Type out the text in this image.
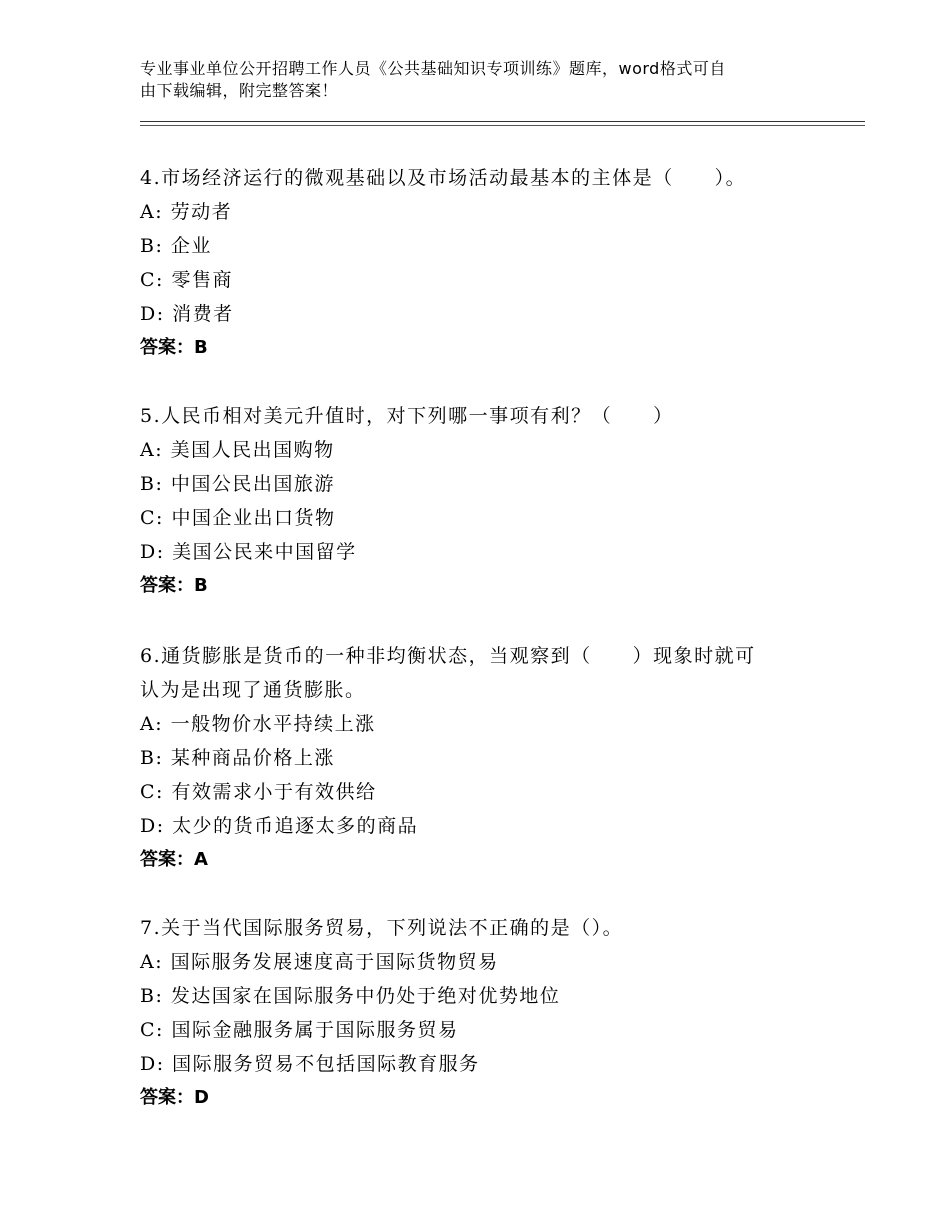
专业事业单位公开招聘工作人员《公共基础知识专项训练》题库，word格式可自
由下载编辑，附完整答案！
4.市场经济运行的微观基础以及市场活动最基本的主体是（　　）。
A: 劳动者
B: 企业
C: 零售商
D: 消费者
答案：B
5.人民币相对美元升值时，对下列哪一事项有利？（　　）
A: 美国人民出国购物
B: 中国公民出国旅游
C: 中国企业出口货物
D: 美国公民来中国留学
答案：B
6.通货膨胀是货币的一种非均衡状态，当观察到（　　）现象时就可
认为是出现了通货膨胀。
A: 一般物价水平持续上涨
B: 某种商品价格上涨
C: 有效需求小于有效供给
D: 太少的货币追逐太多的商品
答案：A
7.关于当代国际服务贸易，下列说法不正确的是（）。
A: 国际服务发展速度高于国际货物贸易
B: 发达国家在国际服务中仍处于绝对优势地位
C: 国际金融服务属于国际服务贸易
D: 国际服务贸易不包括国际教育服务
答案：D
